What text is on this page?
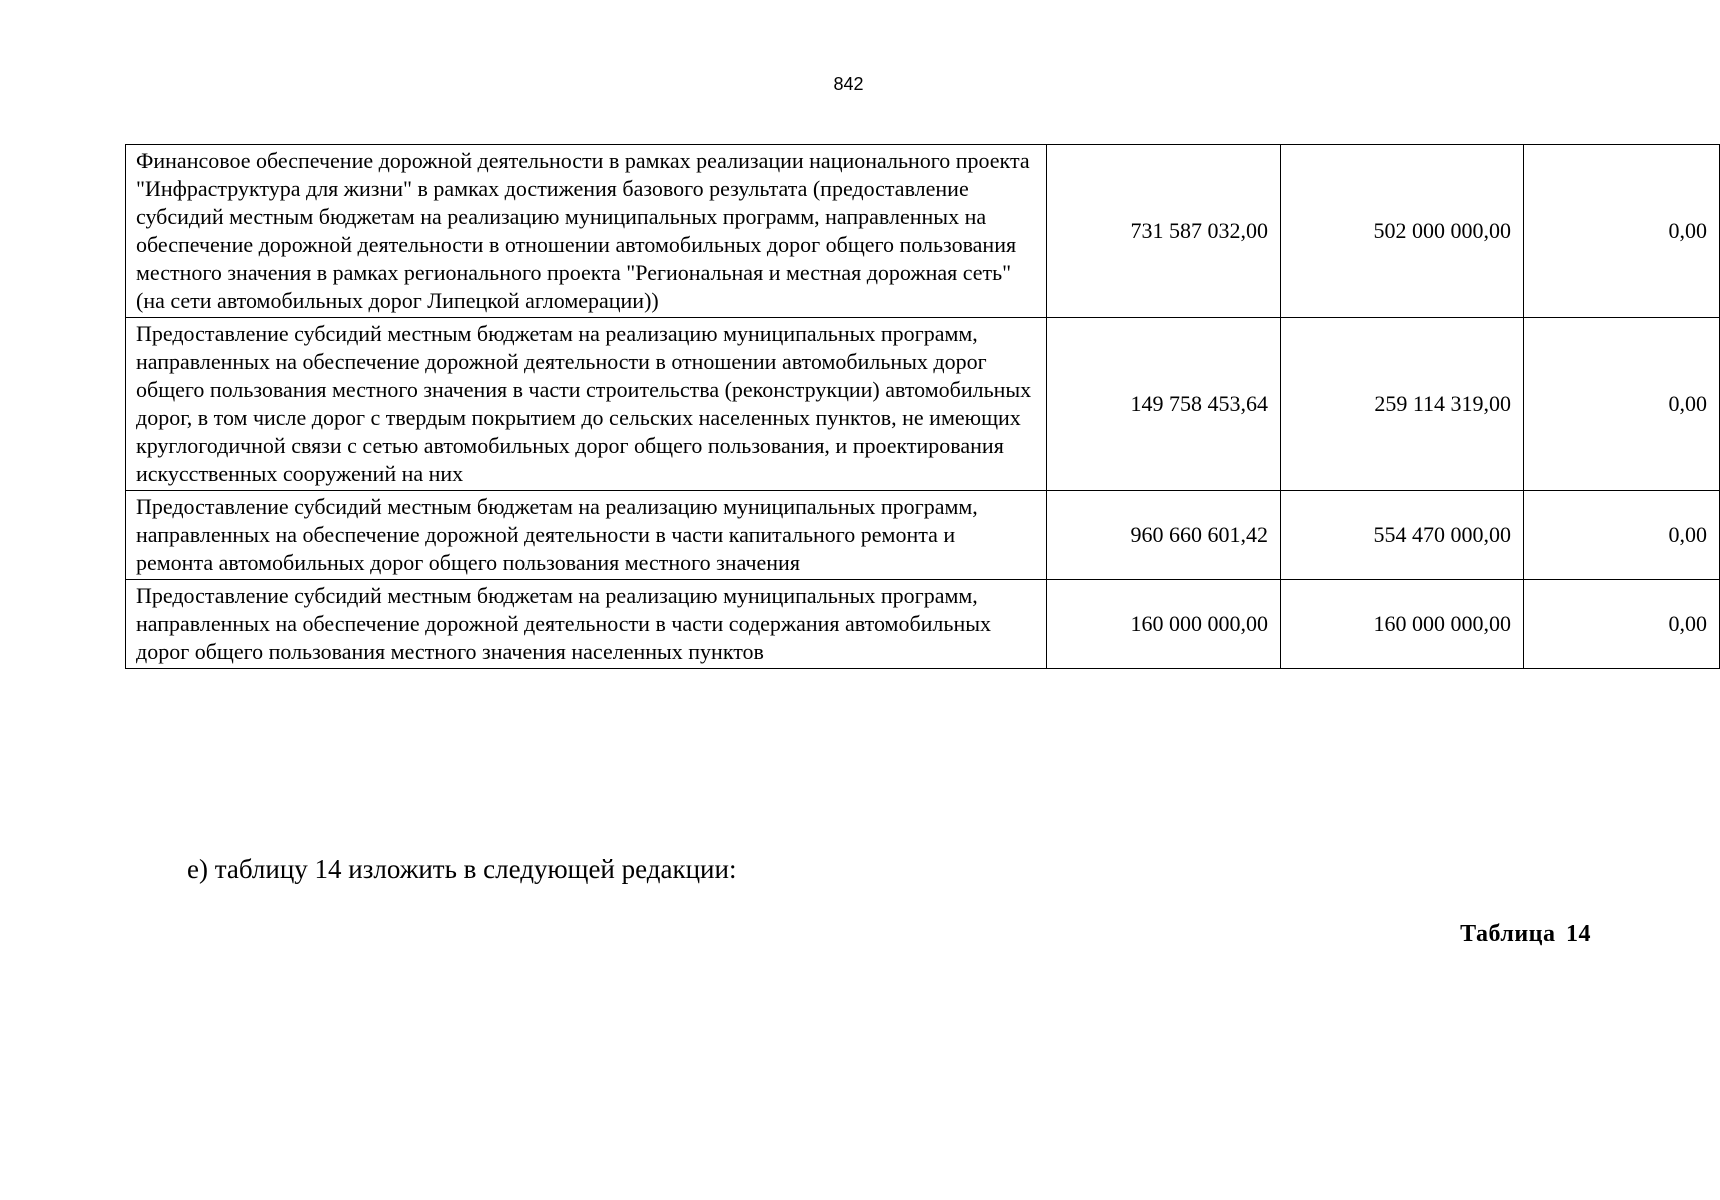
842
Финансовое обеспечение дорожной деятельности в рамках реализации национального проекта "Инфраструктура для жизни" в рамках достижения базового результата (предоставление субсидий местным бюджетам на реализацию муниципальных программ, направленных на обеспечение дорожной деятельности в отношении автомобильных дорог общего пользования местного значения в рамках регионального проекта "Региональная и местная дорожная сеть" (на сети автомобильных дорог Липецкой агломерации))	731 587 032,00	502 000 000,00	0,00
Предоставление субсидий местным бюджетам на реализацию муниципальных программ, направленных на обеспечение дорожной деятельности в отношении автомобильных дорог общего пользования местного значения в части строительства (реконструкции) автомобильных дорог, в том числе дорог с твердым покрытием до сельских населенных пунктов, не имеющих круглогодичной связи с сетью автомобильных дорог общего пользования, и проектирования искусственных сооружений на них	149 758 453,64	259 114 319,00	0,00
Предоставление субсидий местным бюджетам на реализацию муниципальных программ, направленных на обеспечение дорожной деятельности в части капитального ремонта и ремонта автомобильных дорог общего пользования местного значения	960 660 601,42	554 470 000,00	0,00
Предоставление субсидий местным бюджетам на реализацию муниципальных программ, направленных на обеспечение дорожной деятельности в части содержания автомобильных дорог общего пользования местного значения населенных пунктов	160 000 000,00	160 000 000,00	0,00
е) таблицу 14 изложить в следующей редакции:
Таблица 14
